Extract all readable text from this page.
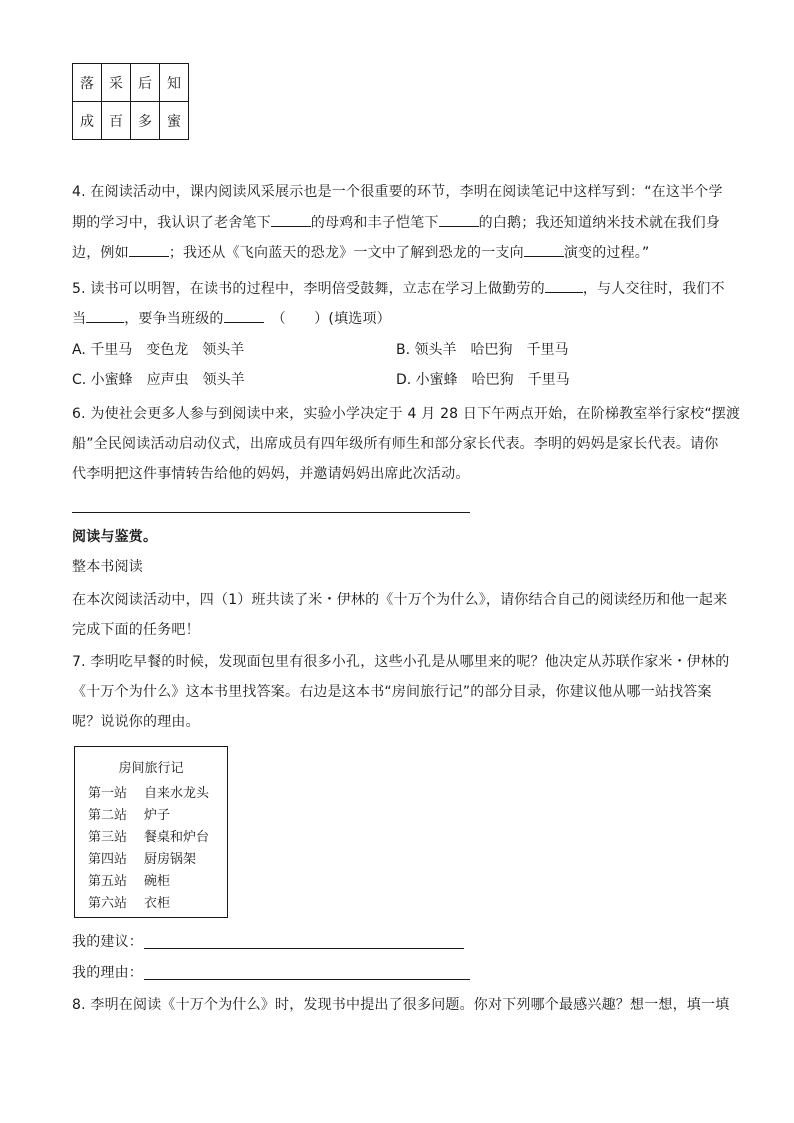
落	采	后	知
成	百	多	蜜
4. 在阅读活动中，课内阅读风采展示也是一个很重要的环节，李明在阅读笔记中这样写到：“在这半个学
期的学习中，我认识了老舍笔下	的母鸡和丰子恺笔下	的白鹅；我还知道纳米技术就在我们身
边，例如	；我还从《飞向蓝天的恐龙》一文中了解到恐龙的一支向	演变的过程。”
5. 读书可以明智，在读书的过程中，李明倍受鼓舞，立志在学习上做勤劳的	，与人交往时，我们不
当	，要争当班级的	（　　）(填选项）
A. 千里马　变色龙　领头羊	B. 领头羊　哈巴狗　千里马
C. 小蜜蜂　应声虫　领头羊	D. 小蜜蜂　哈巴狗　千里马
6. 为使社会更多人参与到阅读中来，实验小学决定于 4 月 28 日下午两点开始，在阶梯教室举行家校“摆渡
船”全民阅读活动启动仪式，出席成员有四年级所有师生和部分家长代表。李明的妈妈是家长代表。请你
代李明把这件事情转告给他的妈妈，并邀请妈妈出席此次活动。
阅读与鉴赏。
整本书阅读
在本次阅读活动中，四（1）班共读了米・伊林的《十万个为什么》，请你结合自己的阅读经历和他一起来
完成下面的任务吧！
7. 李明吃早餐的时候，发现面包里有很多小孔，这些小孔是从哪里来的呢？他决定从苏联作家米・伊林的
《十万个为什么》这本书里找答案。右边是这本书“房间旅行记”的部分目录，你建议他从哪一站找答案
呢？说说你的理由。
房间旅行记
第一站 自来水龙头
第二站 炉子
第三站 餐桌和炉台
第四站 厨房锅架
第五站 碗柜
第六站 衣柜
我的建议：
我的理由：
8. 李明在阅读《十万个为什么》时，发现书中提出了很多问题。你对下列哪个最感兴趣？想一想，填一填
